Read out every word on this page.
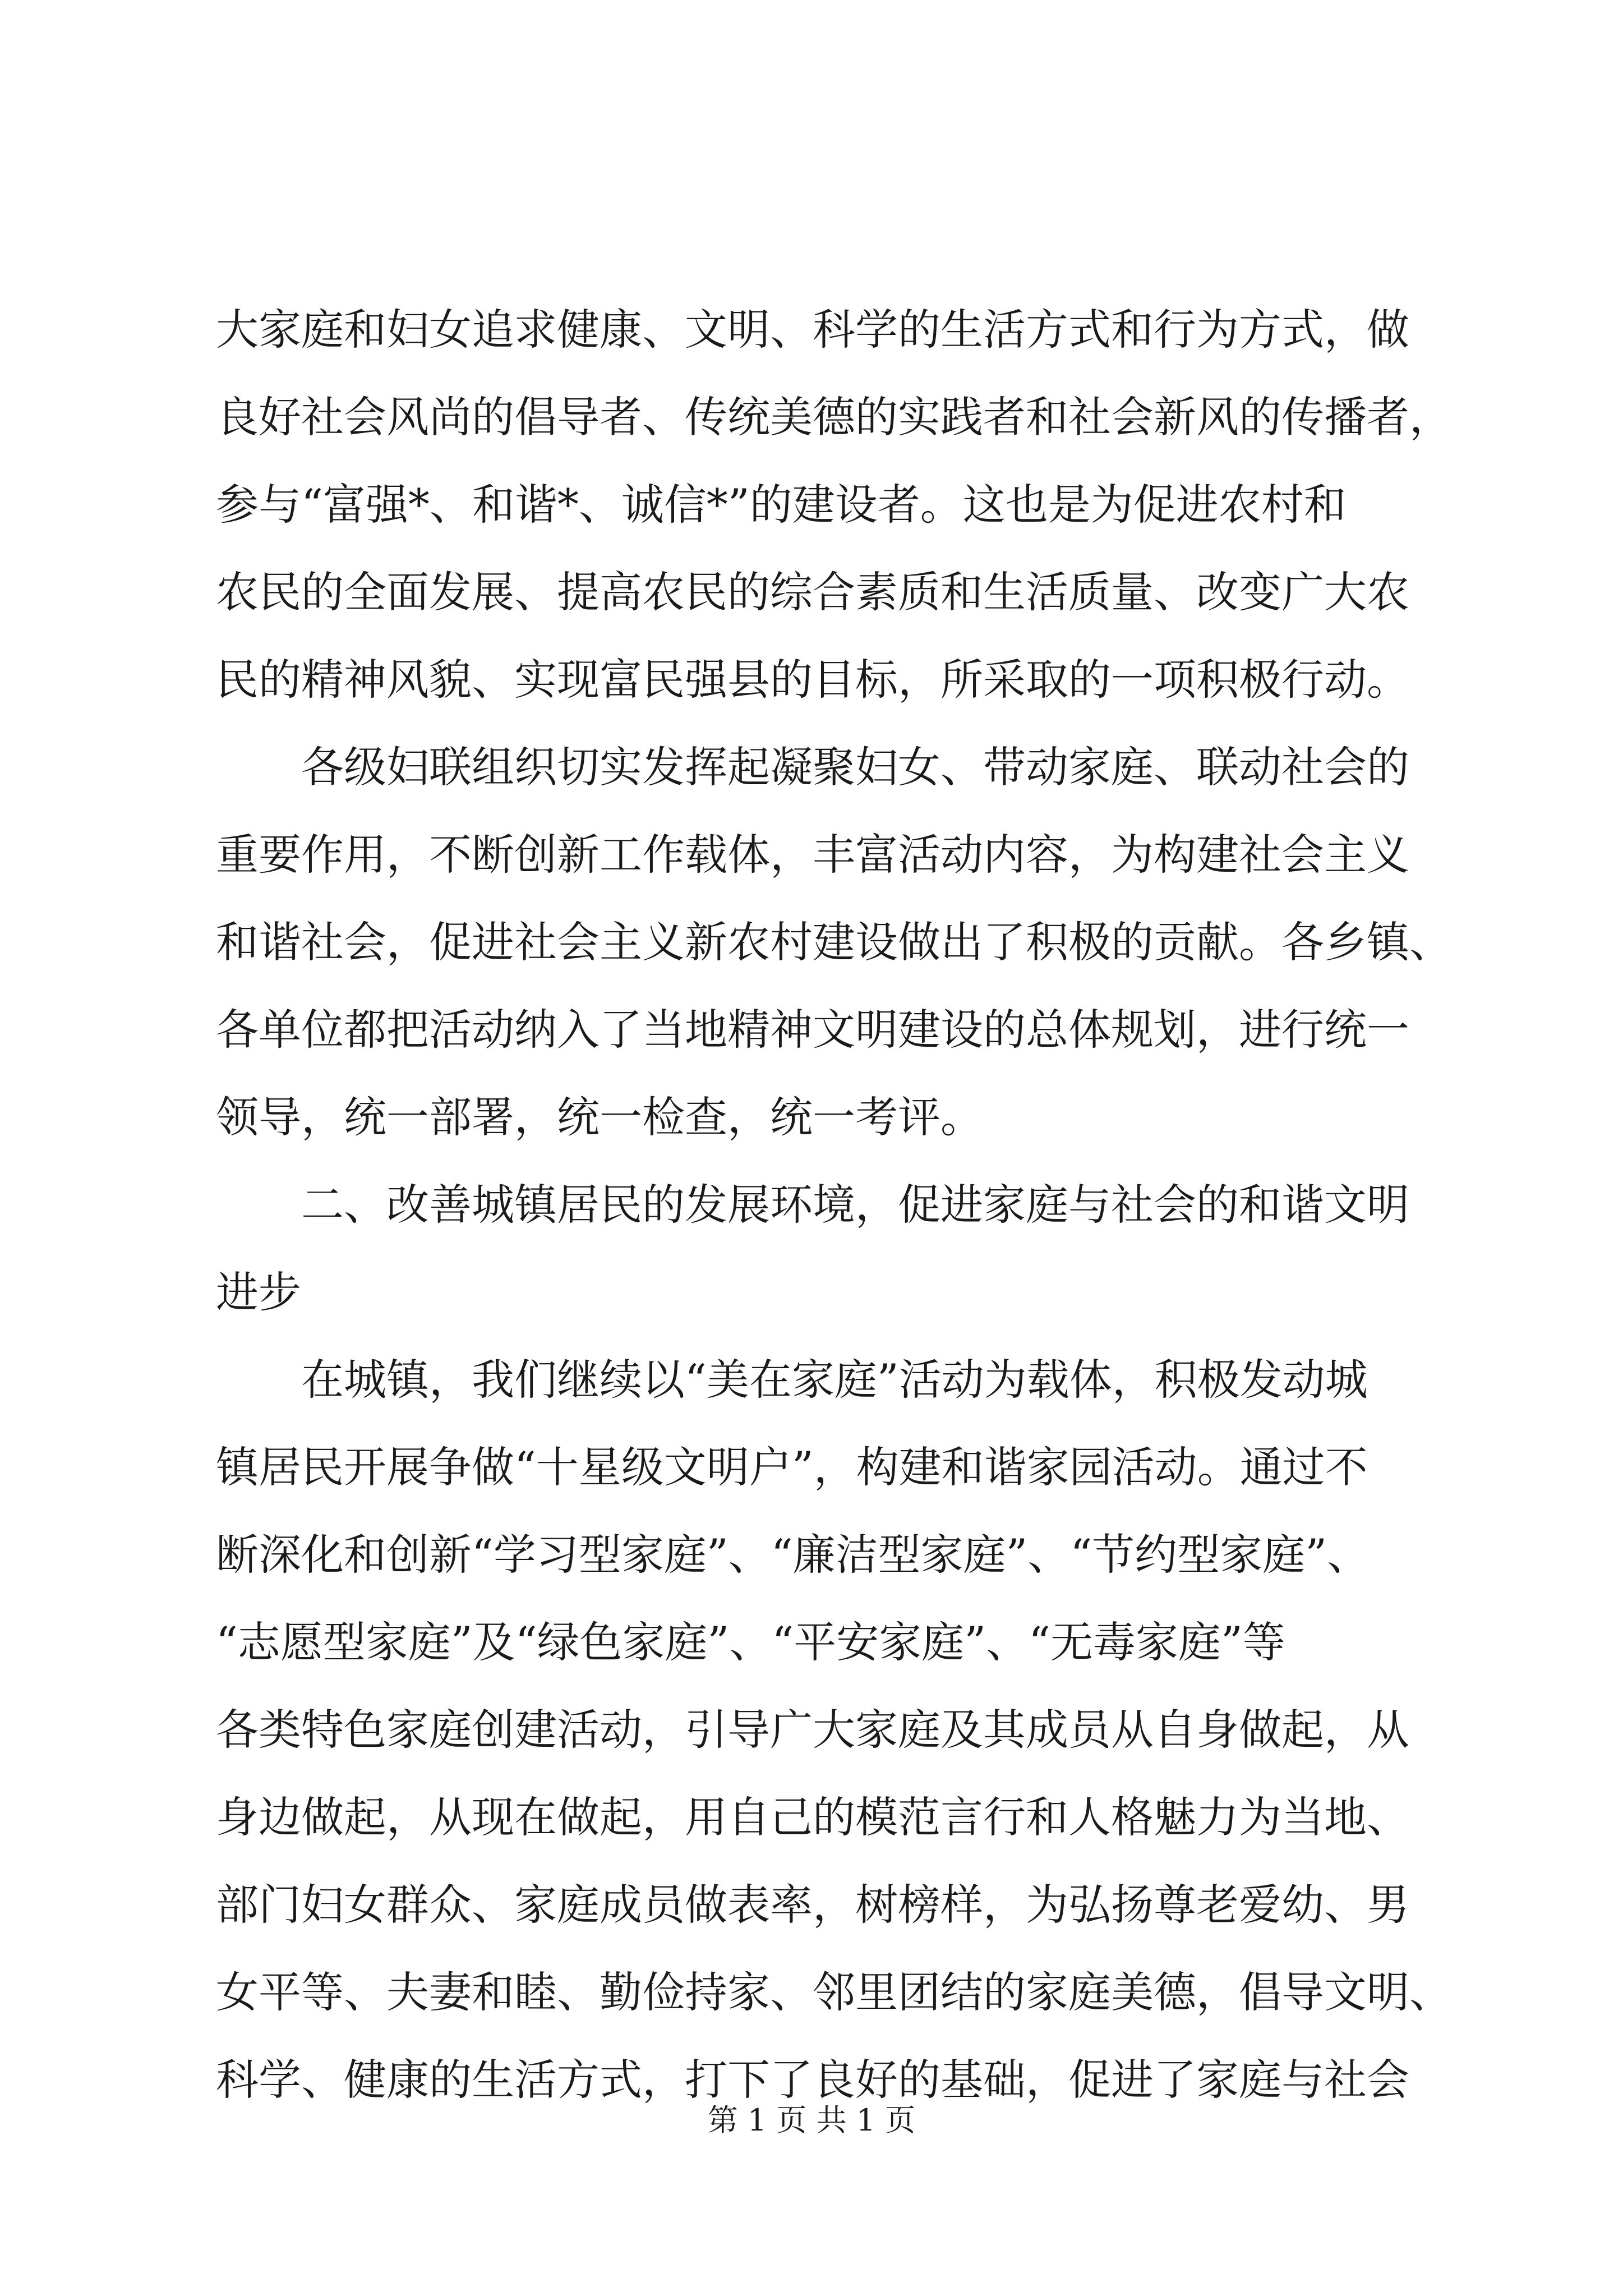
大家庭和妇女追求健康、文明、科学的生活方式和行为方式，做
良好社会风尚的倡导者、传统美德的实践者和社会新风的传播者，
参与“富强*、和谐*、诚信*”的建设者。这也是为促进农村和
农民的全面发展、提高农民的综合素质和生活质量、改变广大农
民的精神风貌、实现富民强县的目标，所采取的一项积极行动。
　　各级妇联组织切实发挥起凝聚妇女、带动家庭、联动社会的
重要作用，不断创新工作载体，丰富活动内容，为构建社会主义
和谐社会，促进社会主义新农村建设做出了积极的贡献。各乡镇、
各单位都把活动纳入了当地精神文明建设的总体规划，进行统一
领导，统一部署，统一检查，统一考评。
　　二、改善城镇居民的发展环境，促进家庭与社会的和谐文明
进步
　　在城镇，我们继续以“美在家庭”活动为载体，积极发动城
镇居民开展争做“十星级文明户”，构建和谐家园活动。通过不
断深化和创新“学习型家庭”、“廉洁型家庭”、“节约型家庭”、
“志愿型家庭”及“绿色家庭”、“平安家庭”、“无毒家庭”等
各类特色家庭创建活动，引导广大家庭及其成员从自身做起，从
身边做起，从现在做起，用自己的模范言行和人格魅力为当地、
部门妇女群众、家庭成员做表率，树榜样，为弘扬尊老爱幼、男
女平等、夫妻和睦、勤俭持家、邻里团结的家庭美德，倡导文明、
科学、健康的生活方式，打下了良好的基础，促进了家庭与社会
第 1 页 共 1 页
